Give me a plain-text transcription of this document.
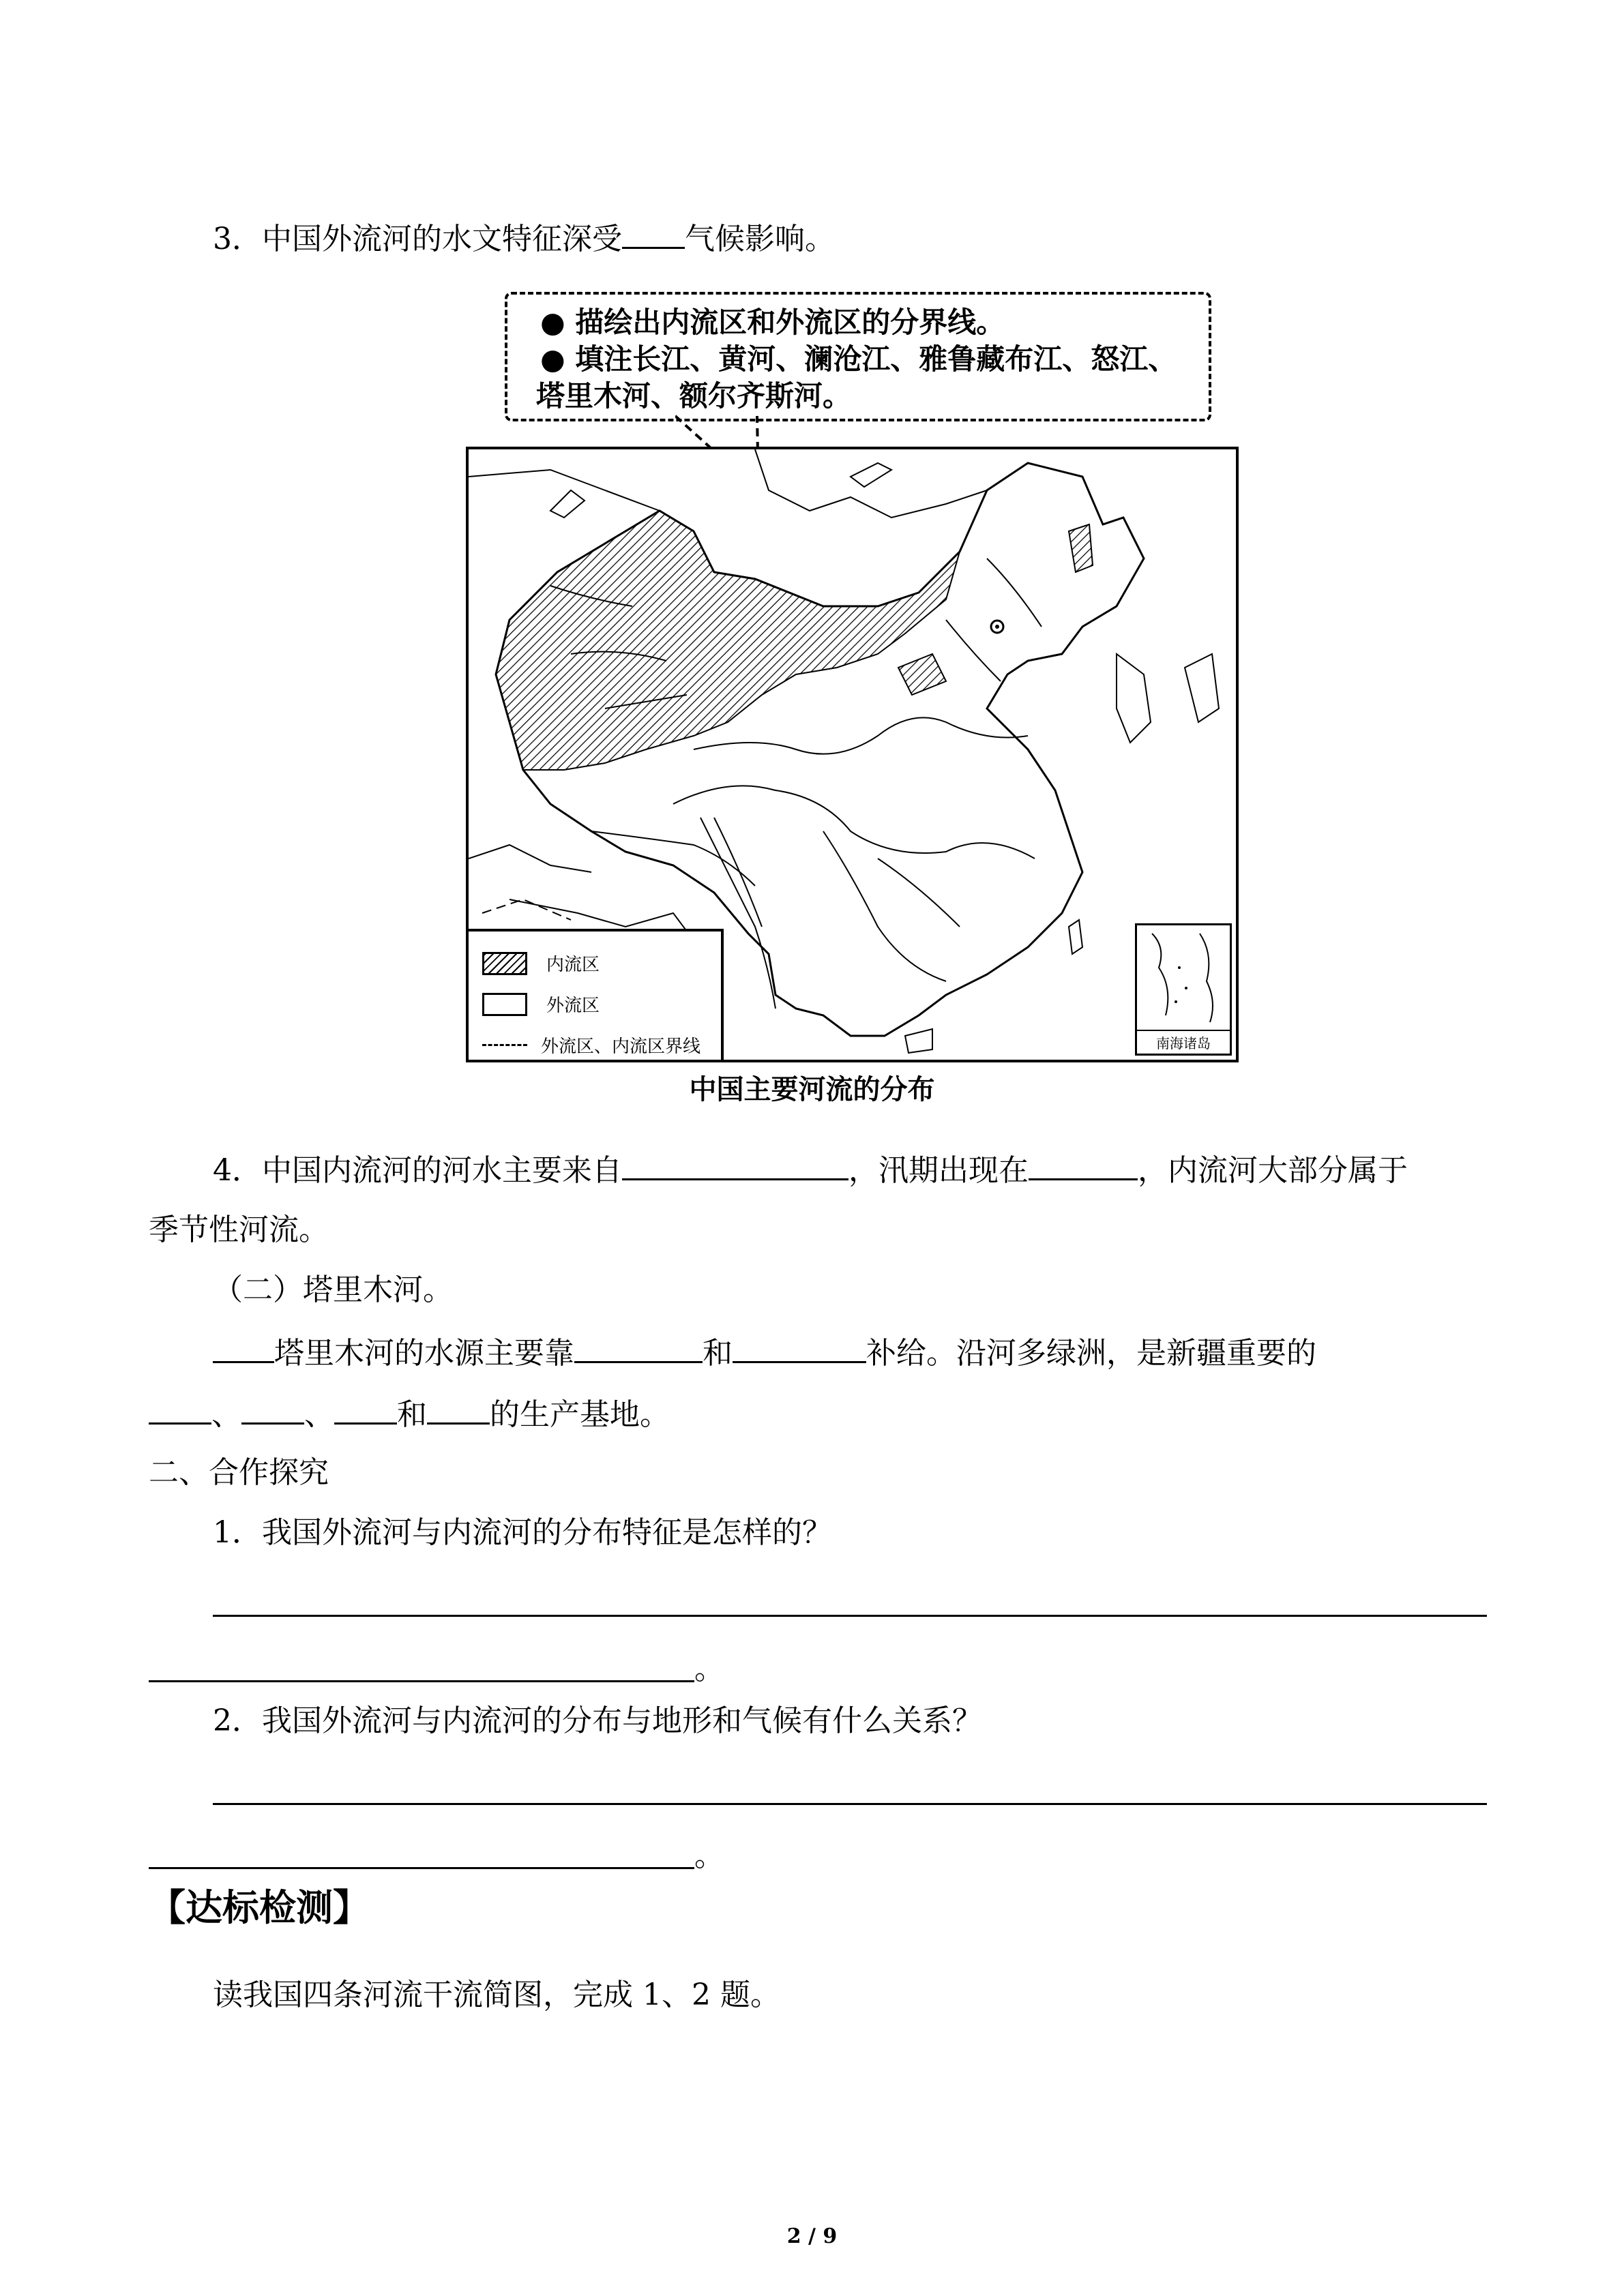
3．中国外流河的水文特征深受 气候影响。
● 描绘出内流区和外流区的分界线。
● 填注长江、黄河、澜沧江、雅鲁藏布江、怒江、
塔里木河、额尔齐斯河。
内流区
外流区
外流区、内流区界线	南海诸岛
中国主要河流的分布
4．中国内流河的河水主要来自	，汛期出现在	，内流河大部分属于
季节性河流。
（二）塔里木河。
塔里木河的水源主要靠	和	补给。沿河多绿洲，是新疆重要的
、 、 和 的生产基地。
二、合作探究
1．我国外流河与内流河的分布特征是怎样的？
。
2．我国外流河与内流河的分布与地形和气候有什么关系？
。
【达标检测】
读我国四条河流干流简图，完成 1、2 题。
2 / 9
